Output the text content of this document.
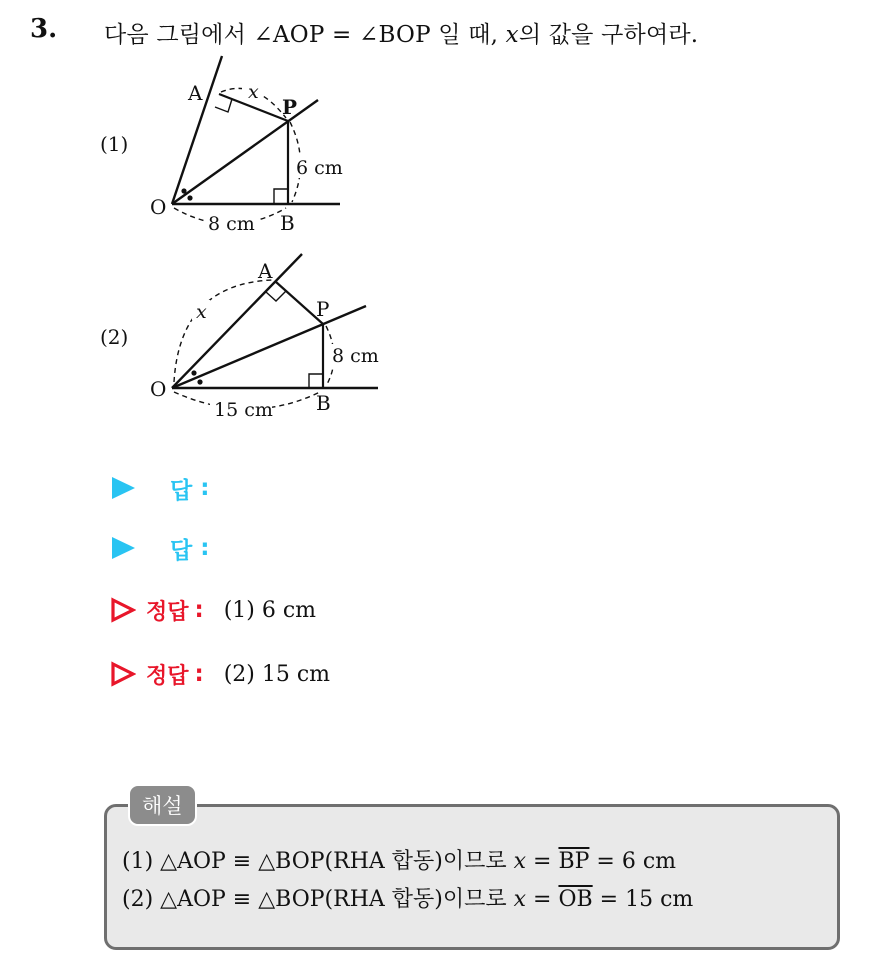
3. 다음 그림에서 ∠AOP = ∠BOP 일 때, x의 값을 구하여라.
(1)
x
6 cm
8 cm
A
P
O
B
(2)
x
8 cm
15 cm
A
P
O
B
답 :
답 :
정답 : (1) 6 cm
정답 : (2) 15 cm
해설
(1) △AOP ≡ △BOP(RHA 합동)이므로 $x = \overline{BP} = 6$ cm
(2) △AOP ≡ △BOP(RHA 합동)이므로 $x = \overline{OB} = 15$ cm
